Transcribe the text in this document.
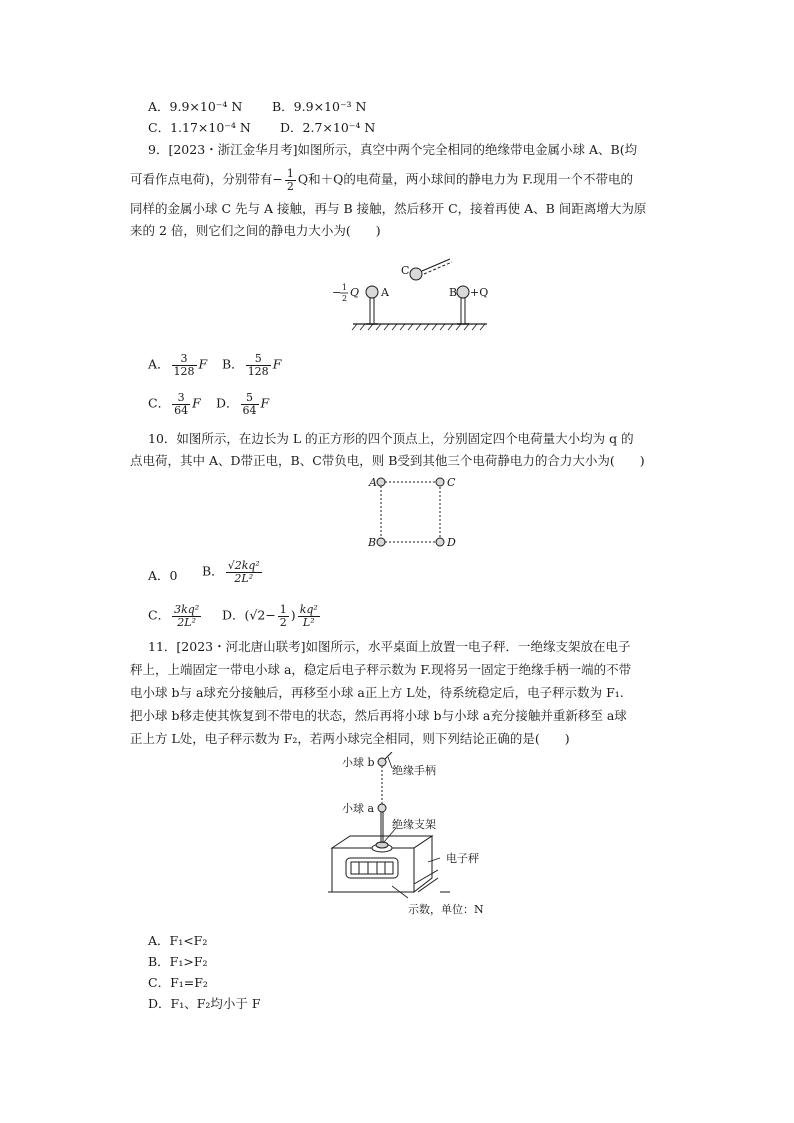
A．9.9×10⁻⁴ N B．9.9×10⁻³ N
C．1.17×10⁻⁴ N D．2.7×10⁻⁴ N
9．[2023・浙江金华月考]如图所示，真空中两个完全相同的绝缘带电金属小球 A、B(均
可看作点电荷)，分别带有− $\frac{1}{2}$ Q和＋Q的电荷量，两小球间的静电力为 F.现用一个不带电的
同样的金属小球 C 先与 A 接触，再与 B 接触，然后移开 C，接着再使 A、B 间距离增大为原
来的 2 倍，则它们之间的静电力大小为(　　)
C
A	B
− 1
2 Q	+Q
A． $\frac{3}{128}$ F B． $\frac{5}{128}$ F
C． $\frac{3}{64}$ F D． $\frac{5}{64}$ F
10．如图所示，在边长为 L 的正方形的四个顶点上，分别固定四个电荷量大小均为 q 的
点电荷，其中 A、D带正电，B、C带负电，则 B受到其他三个电荷静电力的合力大小为(　　)
A	C
B	D
A．0 B． $\frac{\text{√2kq²}}{\text{2L²}}$
C． $\frac{\text{3kq²}}{\text{2L²}}$ D．($√2- \frac{1}{2}$ ) $\frac{\text{kq²}}{\text{L²}}$
11．[2023・河北唐山联考]如图所示，水平桌面上放置一电子秤．一绝缘支架放在电子
秤上，上端固定一带电小球 a，稳定后电子秤示数为 F.现将另一固定于绝缘手柄一端的不带
电小球 b与 a球充分接触后，再移至小球 a正上方 L处，待系统稳定后，电子秤示数为 F₁.
把小球 b移走使其恢复到不带电的状态，然后再将小球 b与小球 a充分接触并重新移至 a球
正上方 L处，电子秤示数为 F₂，若两小球完全相同，则下列结论正确的是(　　)
小球 b
绝缘手柄
小球 a
绝缘支架
电子秤
示数，单位：N
A．F₁<F₂
B．F₁>F₂
C．F₁=F₂
D．F₁、F₂均小于 F
